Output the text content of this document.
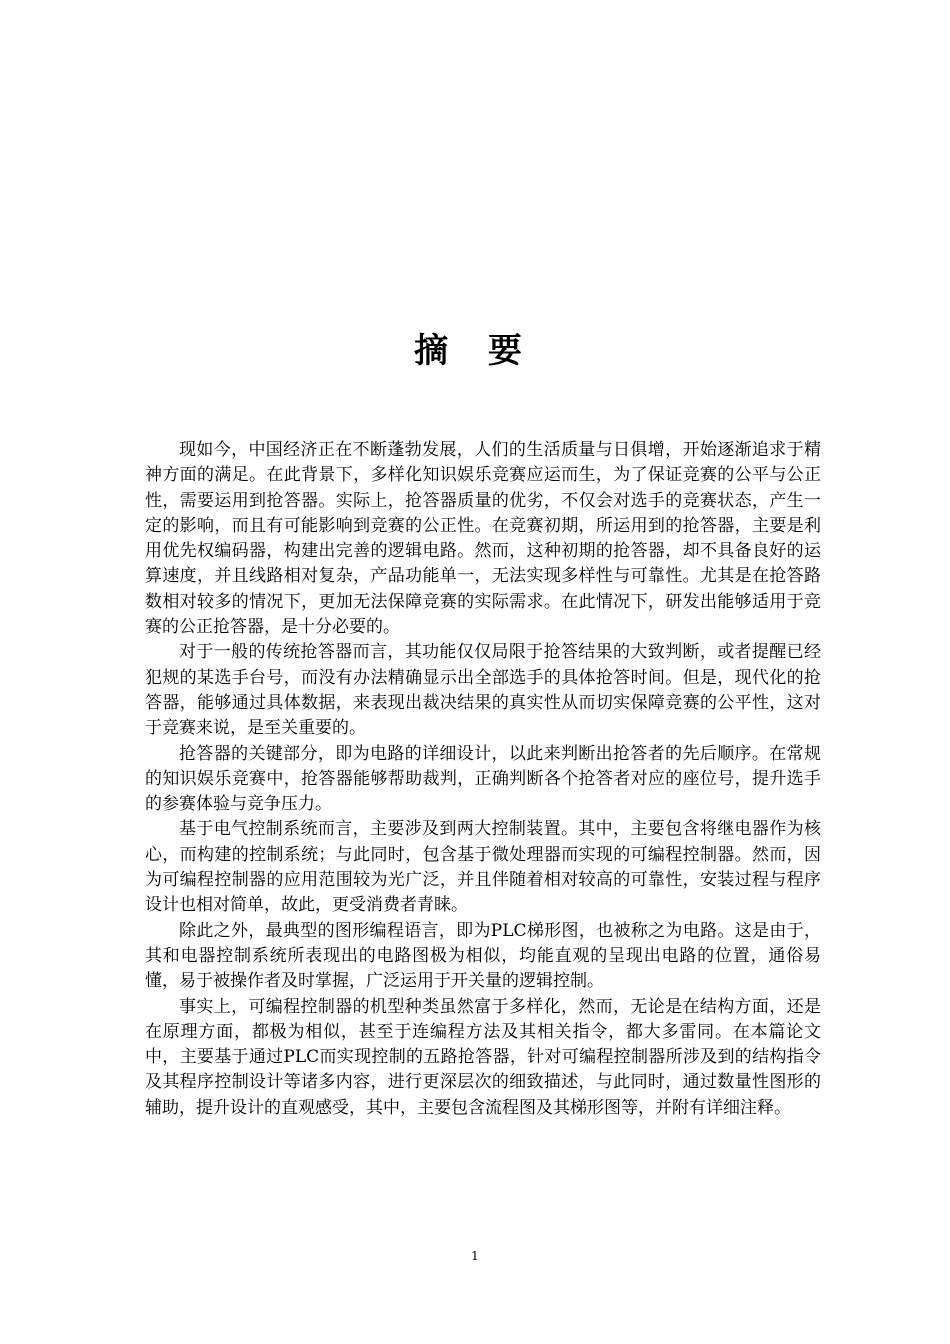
摘 要

现如今，中国经济正在不断蓬勃发展，人们的生活质量与日俱增，开始逐渐追求于精神方面的满足。在此背景下，多样化知识娱乐竞赛应运而生，为了保证竞赛的公平与公正性，需要运用到抢答器。实际上，抢答器质量的优劣，不仅会对选手的竞赛状态，产生一定的影响，而且有可能影响到竞赛的公正性。在竞赛初期，所运用到的抢答器，主要是利用优先权编码器，构建出完善的逻辑电路。然而，这种初期的抢答器，却不具备良好的运算速度，并且线路相对复杂，产品功能单一，无法实现多样性与可靠性。尤其是在抢答路数相对较多的情况下，更加无法保障竞赛的实际需求。在此情况下，研发出能够适用于竞赛的公正抢答器，是十分必要的。

对于一般的传统抢答器而言，其功能仅仅局限于抢答结果的大致判断，或者提醒已经犯规的某选手台号，而没有办法精确显示出全部选手的具体抢答时间。但是，现代化的抢答器，能够通过具体数据，来表现出裁决结果的真实性从而切实保障竞赛的公平性，这对于竞赛来说，是至关重要的。

抢答器的关键部分，即为电路的详细设计，以此来判断出抢答者的先后顺序。在常规的知识娱乐竞赛中，抢答器能够帮助裁判，正确判断各个抢答者对应的座位号，提升选手的参赛体验与竞争压力。

基于电气控制系统而言，主要涉及到两大控制装置。其中，主要包含将继电器作为核心，而构建的控制系统；与此同时，包含基于微处理器而实现的可编程控制器。然而，因为可编程控制器的应用范围较为光广泛，并且伴随着相对较高的可靠性，安装过程与程序设计也相对简单，故此，更受消费者青睐。

除此之外，最典型的图形编程语言，即为PLC梯形图，也被称之为电路。这是由于，其和电器控制系统所表现出的电路图极为相似，均能直观的呈现出电路的位置，通俗易懂，易于被操作者及时掌握，广泛运用于开关量的逻辑控制。

事实上，可编程控制器的机型种类虽然富于多样化，然而，无论是在结构方面，还是在原理方面，都极为相似，甚至于连编程方法及其相关指令，都大多雷同。在本篇论文中，主要基于通过PLC而实现控制的五路抢答器，针对可编程控制器所涉及到的结构指令及其程序控制设计等诸多内容，进行更深层次的细致描述，与此同时，通过数量性图形的辅助，提升设计的直观感受，其中，主要包含流程图及其梯形图等，并附有详细注释。

1
